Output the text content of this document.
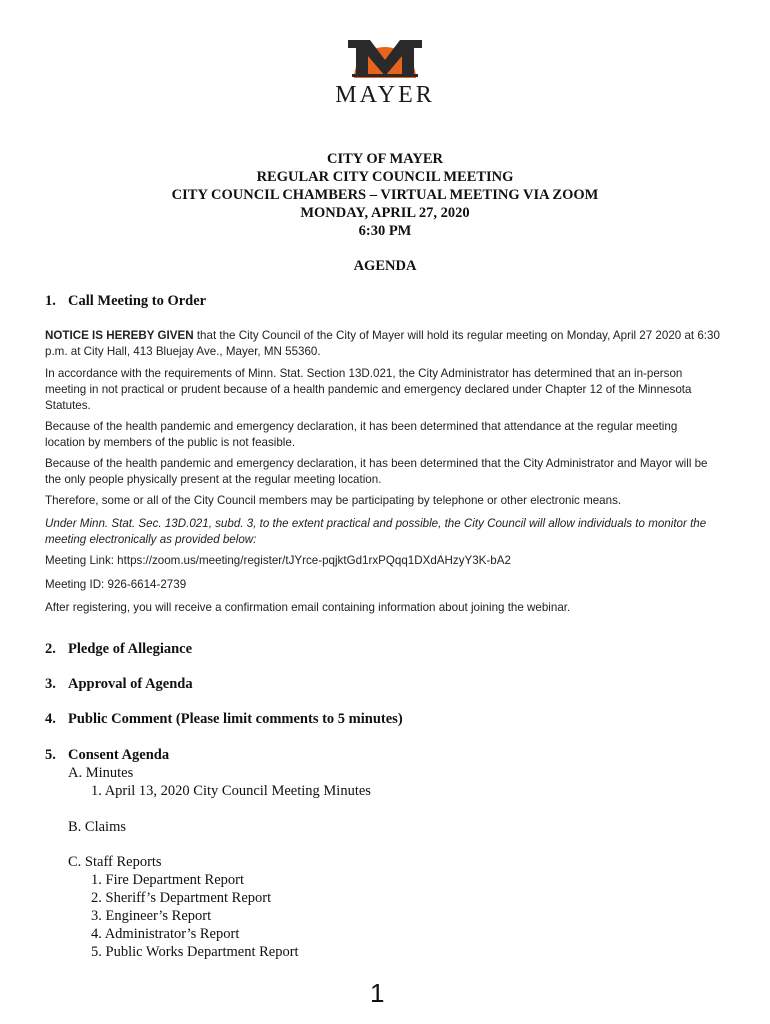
MAYER
CITY OF MAYER
REGULAR CITY COUNCIL MEETING
CITY COUNCIL CHAMBERS – VIRTUAL MEETING VIA ZOOM
MONDAY, APRIL 27, 2020
6:30 PM
AGENDA
1. Call Meeting to Order
NOTICE IS HEREBY GIVEN that the City Council of the City of Mayer will hold its regular meeting on Monday, April 27 2020 at 6:30 p.m. at City Hall, 413 Bluejay Ave., Mayer, MN 55360.
In accordance with the requirements of Minn. Stat. Section 13D.021, the City Administrator has determined that an in-person meeting in not practical or prudent because of a health pandemic and emergency declared under Chapter 12 of the Minnesota Statutes.
Because of the health pandemic and emergency declaration, it has been determined that attendance at the regular meeting location by members of the public is not feasible.
Because of the health pandemic and emergency declaration, it has been determined that the City Administrator and Mayor will be the only people physically present at the regular meeting location.
Therefore, some or all of the City Council members may be participating by telephone or other electronic means.
Under Minn. Stat. Sec. 13D.021, subd. 3, to the extent practical and possible, the City Council will allow individuals to monitor the meeting electronically as provided below:
Meeting Link: https://zoom.us/meeting/register/tJYrce-pqjktGd1rxPQqq1DXdAHzyY3K-bA2
Meeting ID: 926-6614-2739
After registering, you will receive a confirmation email containing information about joining the webinar.
2. Pledge of Allegiance
3. Approval of Agenda
4. Public Comment (Please limit comments to 5 minutes)
5. Consent Agenda
A. Minutes
1. April 13, 2020 City Council Meeting Minutes
B. Claims
C. Staff Reports
1. Fire Department Report
2. Sheriff’s Department Report
3. Engineer’s Report
4. Administrator’s Report
5. Public Works Department Report
1
